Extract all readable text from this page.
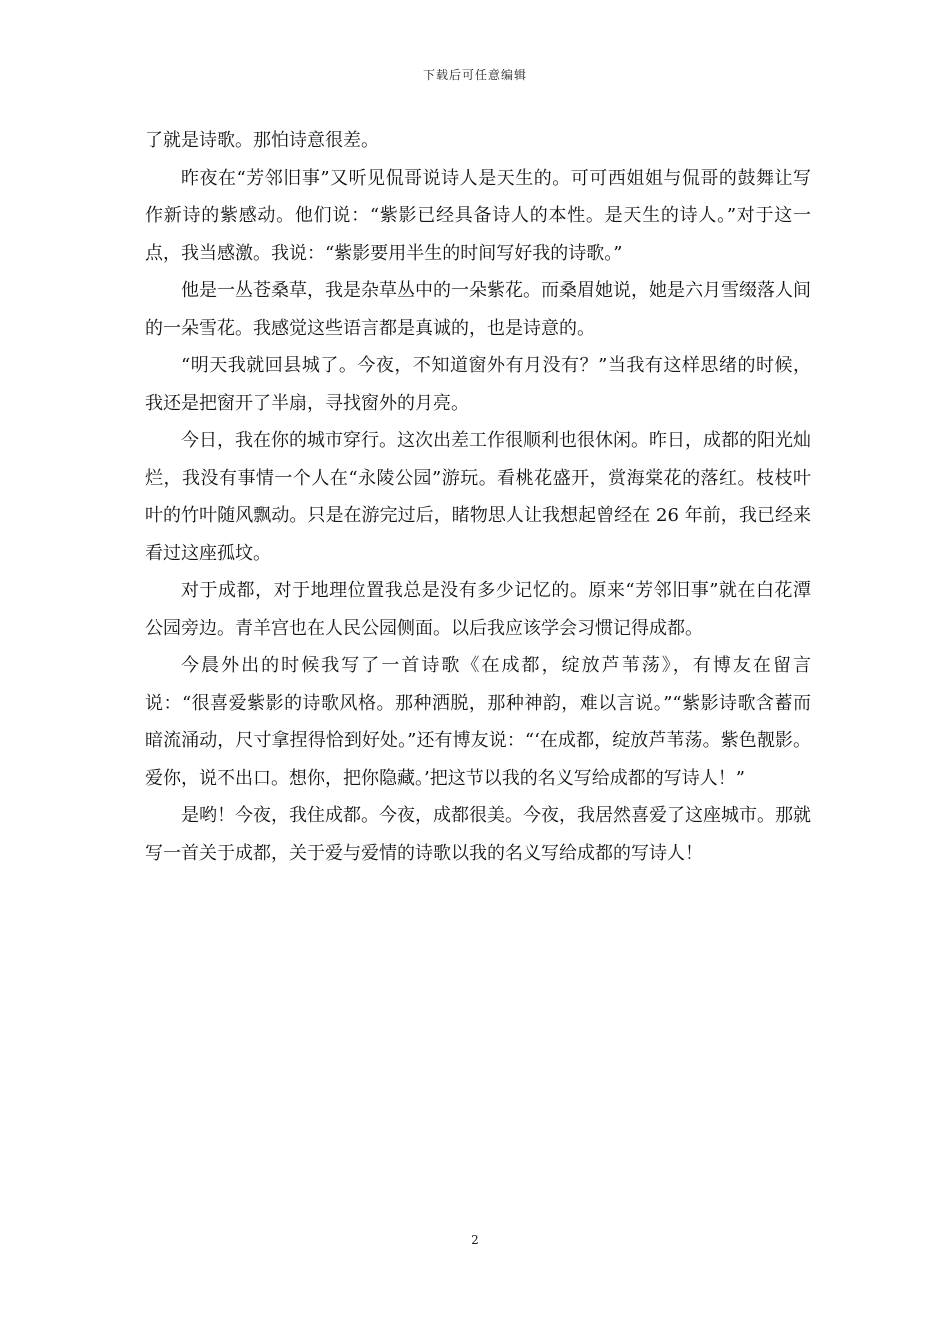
下载后可任意编辑

了就是诗歌。那怕诗意很差。

昨夜在“芳邻旧事”又听见侃哥说诗人是天生的。可可西姐姐与侃哥的鼓舞让写作新诗的紫感动。他们说：“紫影已经具备诗人的本性。是天生的诗人。”对于这一点，我当感激。我说：“紫影要用半生的时间写好我的诗歌。”

他是一丛苍桑草，我是杂草丛中的一朵紫花。而桑眉她说，她是六月雪缀落人间的一朵雪花。我感觉这些语言都是真诚的，也是诗意的。

“明天我就回县城了。今夜，不知道窗外有月没有？”当我有这样思绪的时候，我还是把窗开了半扇，寻找窗外的月亮。

今日，我在你的城市穿行。这次出差工作很顺利也很休闲。昨日，成都的阳光灿烂，我没有事情一个人在“永陵公园”游玩。看桃花盛开，赏海棠花的落红。枝枝叶叶的竹叶随风飘动。只是在游完过后，睹物思人让我想起曾经在 26 年前，我已经来看过这座孤坟。

对于成都，对于地理位置我总是没有多少记忆的。原来“芳邻旧事”就在白花潭公园旁边。青羊宫也在人民公园侧面。以后我应该学会习惯记得成都。

今晨外出的时候我写了一首诗歌《在成都，绽放芦苇荡》，有博友在留言说：“很喜爱紫影的诗歌风格。那种洒脱，那种神韵，难以言说。”“紫影诗歌含蓄而暗流涌动，尺寸拿捏得恰到好处。”还有博友说：“‘在成都，绽放芦苇荡。紫色靓影。爱你，说不出口。想你，把你隐藏。’把这节以我的名义写给成都的写诗人！”

是哟！今夜，我住成都。今夜，成都很美。今夜，我居然喜爱了这座城市。那就写一首关于成都，关于爱与爱情的诗歌以我的名义写给成都的写诗人！

2
